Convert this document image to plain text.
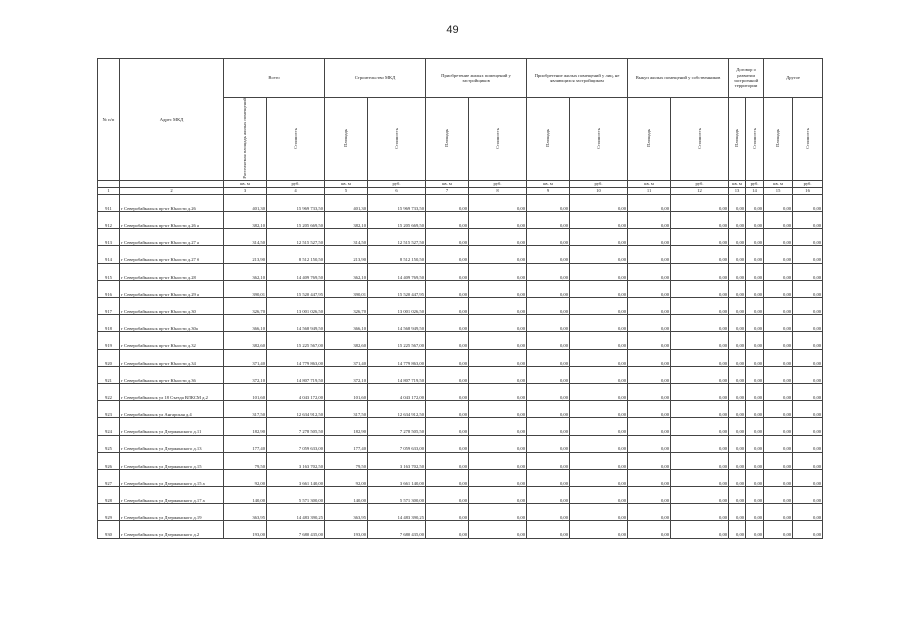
49
№ п/п	Адрес МКД	Всего		Строительство МКД		Приобретение жилых помещений у застройщиков		Приобретение жилых помещений у лиц, не являющихся застройщиком		Выкуп жилых помещений у собственников		Договор о развитии застроенной территории		Другое	
		Расселяемая площадь жилых помещений	Стоимость	Площадь	Стоимость	Площадь	Стоимость	Площадь	Стоимость	Площадь	Стоимость	Площадь	Стоимость	Площадь	Стоимость
		кв. м	руб.	кв. м	руб.	кв. м	руб.	кв. м	руб.	кв. м	руб.	кв. м	руб.	кв. м	руб.
1	2	3	4	5	6	7	8	9	10	11	12	13	14	15	16
911	г Северобайкальск пр-кт Юности д.26	401,30	15 969 733,50	401,30	15 969 733,50	0,00	0,00	0,00	0,00	0,00	0,00	0,00	0,00	0,00	0,00
912	г Северобайкальск пр-кт Юности д.26 а	382,10	15 205 669,50	382,10	15 205 669,50	0,00	0,00	0,00	0,00	0,00	0,00	0,00	0,00	0,00	0,00
913	г Северобайкальск пр-кт Юности д.27 а	314,50	12 515 527,50	314,50	12 515 527,50	0,00	0,00	0,00	0,00	0,00	0,00	0,00	0,00	0,00	0,00
914	г Северобайкальск пр-кт Юности д.27 б	213,90	8 512 150,50	213,90	8 512 150,50	0,00	0,00	0,00	0,00	0,00	0,00	0,00	0,00	0,00	0,00
915	г Северобайкальск пр-кт Юности д.28	362,10	14 409 769,50	362,10	14 409 769,50	0,00	0,00	0,00	0,00	0,00	0,00	0,00	0,00	0,00	0,00
916	г Северобайкальск пр-кт Юности д.29 а	390,01	15 520 447,95	390,01	15 520 447,95	0,00	0,00	0,00	0,00	0,00	0,00	0,00	0,00	0,00	0,00
917	г Северобайкальск пр-кт Юности д.30	326,70	13 001 026,50	326,70	13 001 026,50	0,00	0,00	0,00	0,00	0,00	0,00	0,00	0,00	0,00	0,00
918	г Северобайкальск пр-кт Юности д.30а	366,10	14 568 949,50	366,10	14 568 949,50	0,00	0,00	0,00	0,00	0,00	0,00	0,00	0,00	0,00	0,00
919	г Северобайкальск пр-кт Юности д.32	382,60	15 225 567,00	382,60	15 225 567,00	0,00	0,00	0,00	0,00	0,00	0,00	0,00	0,00	0,00	0,00
920	г Северобайкальск пр-кт Юности д.34	371,40	14 779 863,00	371,40	14 779 863,00	0,00	0,00	0,00	0,00	0,00	0,00	0,00	0,00	0,00	0,00
921	г Северобайкальск пр-кт Юности д.36	372,10	14 807 719,50	372,10	14 807 719,50	0,00	0,00	0,00	0,00	0,00	0,00	0,00	0,00	0,00	0,00
922	г Северобайкальск ул 18 Съезда ВЛКСМ д.2	101,60	4 043 172,00	101,60	4 043 172,00	0,00	0,00	0,00	0,00	0,00	0,00	0,00	0,00	0,00	0,00
923	г Северобайкальск ул Ангарская д.4	317,50	12 634 912,50	317,50	12 634 912,50	0,00	0,00	0,00	0,00	0,00	0,00	0,00	0,00	0,00	0,00
924	г Северобайкальск ул Дзержинского д.11	182,90	7 278 505,50	182,90	7 278 505,50	0,00	0,00	0,00	0,00	0,00	0,00	0,00	0,00	0,00	0,00
925	г Северобайкальск ул Дзержинского д.13	177,40	7 059 633,00	177,40	7 059 633,00	0,00	0,00	0,00	0,00	0,00	0,00	0,00	0,00	0,00	0,00
926	г Северобайкальск ул Дзержинского д.15	79,50	3 163 702,50	79,50	3 163 702,50	0,00	0,00	0,00	0,00	0,00	0,00	0,00	0,00	0,00	0,00
927	г Северобайкальск ул Дзержинского д.15 а	92,00	3 661 140,00	92,00	3 661 140,00	0,00	0,00	0,00	0,00	0,00	0,00	0,00	0,00	0,00	0,00
928	г Северобайкальск ул Дзержинского д.17 а	140,00	5 571 300,00	140,00	5 571 300,00	0,00	0,00	0,00	0,00	0,00	0,00	0,00	0,00	0,00	0,00
929	г Северобайкальск ул Дзержинского д.19	363,95	14 483 390,25	363,95	14 483 390,25	0,00	0,00	0,00	0,00	0,00	0,00	0,00	0,00	0,00	0,00
930	г Северобайкальск ул Дзержинского д.2	193,00	7 680 435,00	193,00	7 680 435,00	0,00	0,00	0,00	0,00	0,00	0,00	0,00	0,00	0,00	0,00
